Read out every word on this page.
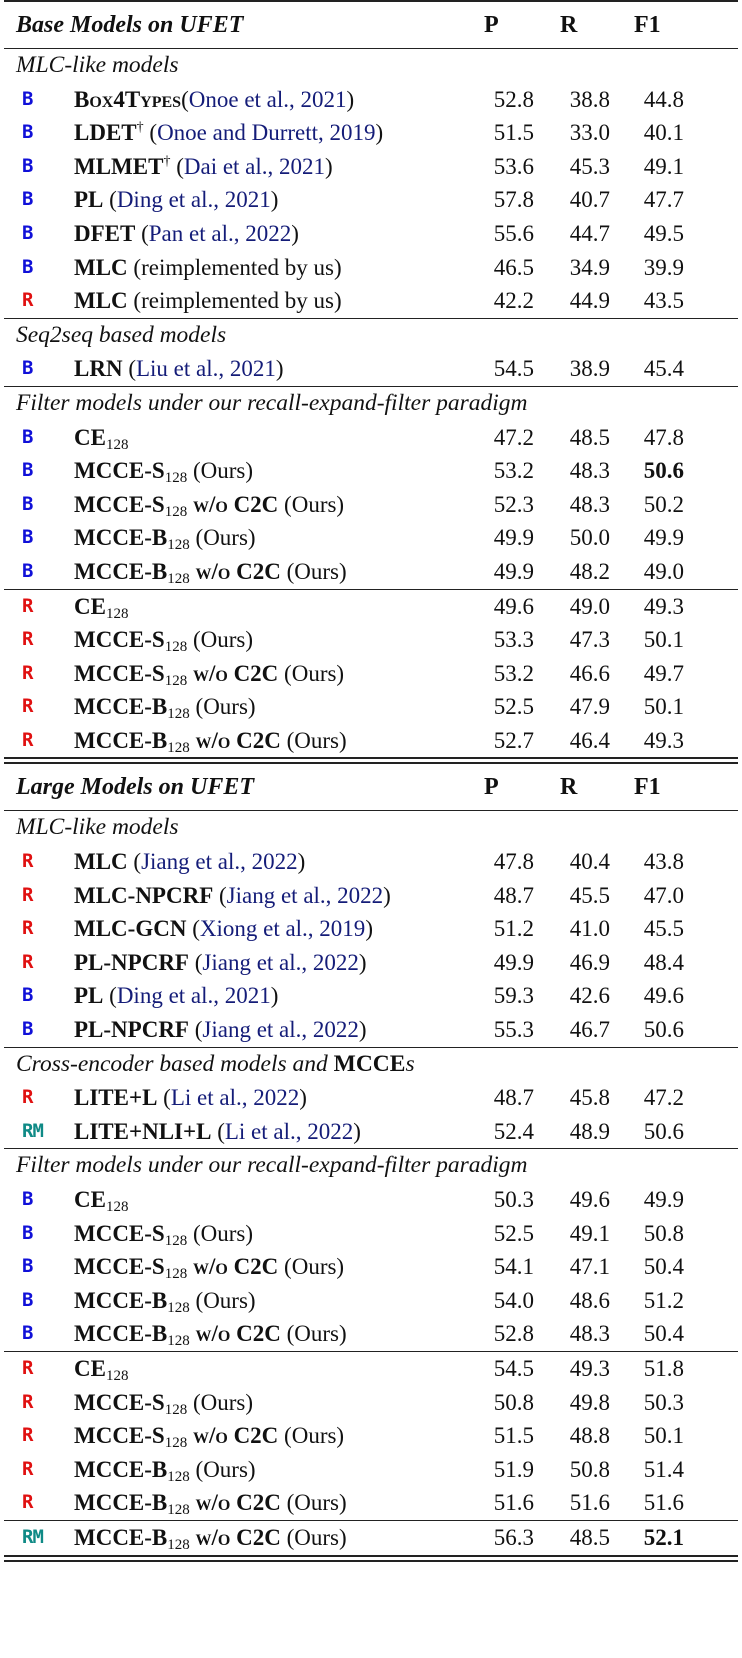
Base Models on UFET	P	R F1
MLC-like models
B Box4Types(Onoe et al., 2021)	52.8	38.8	44.8
B LDET† (Onoe and Durrett, 2019)	51.5	33.0	40.1
B MLMET† (Dai et al., 2021)	53.6	45.3	49.1
B PL (Ding et al., 2021)	57.8	40.7	47.7
B DFET (Pan et al., 2022)	55.6	44.7	49.5
B MLC (reimplemented by us)	46.5	34.9	39.9
R MLC (reimplemented by us)	42.2	44.9	43.5
Seq2seq based models
B LRN (Liu et al., 2021)	54.5	38.9	45.4
Filter models under our recall-expand-filter paradigm
B $CE_{128}$	47.2	48.5	47.8
B MCCE-$S_{128}$ (Ours)	53.2	48.3	50.6
B MCCE-$S_{128}$ w/o C2C (Ours)	52.3	48.3	50.2
B MCCE-$B_{128}$ (Ours)	49.9	50.0	49.9
B MCCE-$B_{128}$ w/o C2C (Ours)	49.9	48.2	49.0
R $CE_{128}$	49.6	49.0	49.3
R MCCE-$S_{128}$ (Ours)	53.3	47.3	50.1
R MCCE-$S_{128}$ w/o C2C (Ours)	53.2	46.6	49.7
R MCCE-$B_{128}$ (Ours)	52.5	47.9	50.1
R MCCE-$B_{128}$ w/o C2C (Ours)	52.7	46.4	49.3
Large Models on UFET	P	R F1
MLC-like models
R MLC (Jiang et al., 2022)	47.8	40.4	43.8
R MLC-NPCRF (Jiang et al., 2022)	48.7	45.5	47.0
R MLC-GCN (Xiong et al., 2019)	51.2	41.0	45.5
R PL-NPCRF (Jiang et al., 2022)	49.9	46.9	48.4
B PL (Ding et al., 2021)	59.3	42.6	49.6
B PL-NPCRF (Jiang et al., 2022)	55.3	46.7	50.6
Cross-encoder based models and MCCEs
R LITE+L (Li et al., 2022)	48.7	45.8	47.2
RM LITE+NLI+L (Li et al., 2022)	52.4	48.9	50.6
Filter models under our recall-expand-filter paradigm
B $CE_{128}$	50.3	49.6	49.9
B MCCE-$S_{128}$ (Ours)	52.5	49.1	50.8
B MCCE-$S_{128}$ w/o C2C (Ours)	54.1	47.1	50.4
B MCCE-$B_{128}$ (Ours)	54.0	48.6	51.2
B MCCE-$B_{128}$ w/o C2C (Ours)	52.8	48.3	50.4
R $CE_{128}$	54.5	49.3	51.8
R MCCE-$S_{128}$ (Ours)	50.8	49.8	50.3
R MCCE-$S_{128}$ w/o C2C (Ours)	51.5	48.8	50.1
R MCCE-$B_{128}$ (Ours)	51.9	50.8	51.4
R MCCE-$B_{128}$ w/o C2C (Ours)	51.6	51.6	51.6
RM MCCE-$B_{128}$ w/o C2C (Ours)	56.3	48.5	52.1
